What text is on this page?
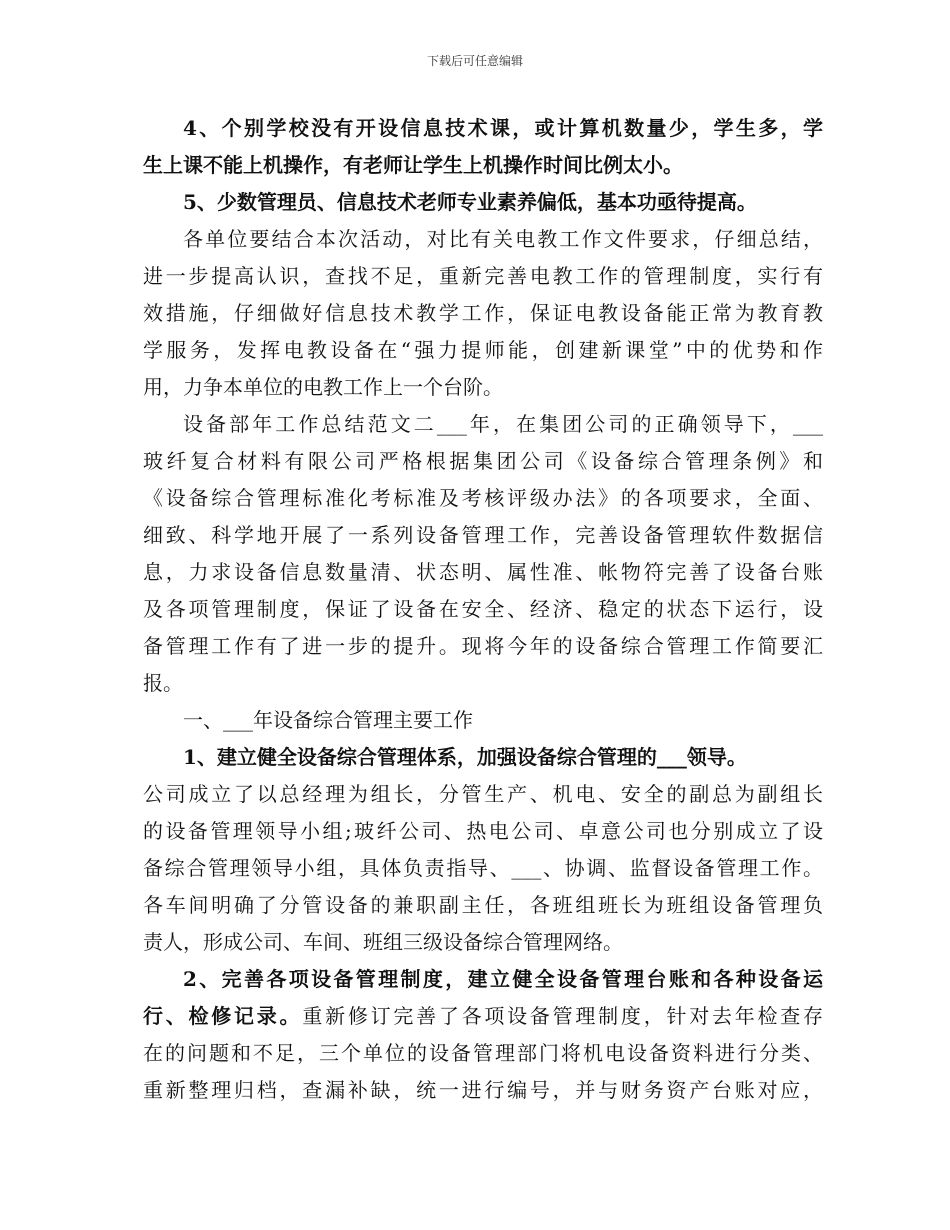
下载后可任意编辑
4、个别学校没有开设信息技术课，或计算机数量少，学生多，学
生上课不能上机操作，有老师让学生上机操作时间比例太小。
5、少数管理员、信息技术老师专业素养偏低，基本功亟待提高。
各单位要结合本次活动，对比有关电教工作文件要求，仔细总结，
进一步提高认识，查找不足，重新完善电教工作的管理制度，实行有
效措施，仔细做好信息技术教学工作，保证电教设备能正常为教育教
学服务，发挥电教设备在“强力提师能，创建新课堂”中的优势和作
用，力争本单位的电教工作上一个台阶。
设备部年工作总结范文二___年，在集团公司的正确领导下，___
玻纤复合材料有限公司严格根据集团公司《设备综合管理条例》和
《设备综合管理标准化考标准及考核评级办法》的各项要求，全面、
细致、科学地开展了一系列设备管理工作，完善设备管理软件数据信
息，力求设备信息数量清、状态明、属性准、帐物符完善了设备台账
及各项管理制度，保证了设备在安全、经济、稳定的状态下运行，设
备管理工作有了进一步的提升。现将今年的设备综合管理工作简要汇
报。
一、___年设备综合管理主要工作
1、建立健全设备综合管理体系，加强设备综合管理的___领导。
公司成立了以总经理为组长，分管生产、机电、安全的副总为副组长
的设备管理领导小组;玻纤公司、热电公司、卓意公司也分别成立了设
备综合管理领导小组，具体负责指导、___、协调、监督设备管理工作。
各车间明确了分管设备的兼职副主任，各班组班长为班组设备管理负
责人，形成公司、车间、班组三级设备综合管理网络。
2、完善各项设备管理制度，建立健全设备管理台账和各种设备运
行、检修记录。重新修订完善了各项设备管理制度，针对去年检查存
在的问题和不足，三个单位的设备管理部门将机电设备资料进行分类、
重新整理归档，查漏补缺，统一进行编号，并与财务资产台账对应，
